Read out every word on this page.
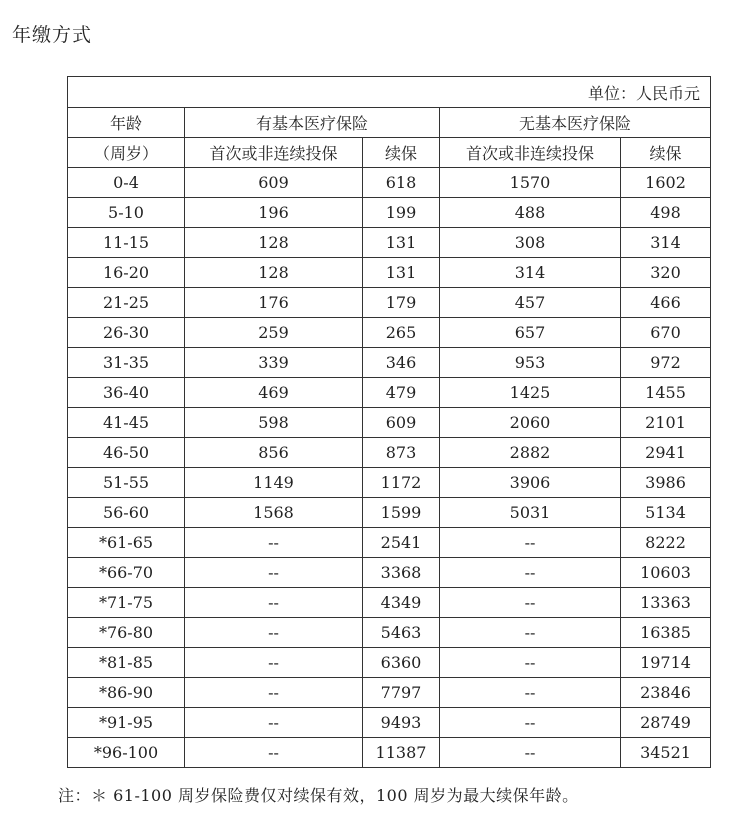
年缴方式
单位：人民币元				
年龄	有基本医疗保险		无基本医疗保险	
（周岁）	首次或非连续投保	续保	首次或非连续投保	续保
0-4	609	618	1570	1602
5-10	196	199	488	498
11-15	128	131	308	314
16-20	128	131	314	320
21-25	176	179	457	466
26-30	259	265	657	670
31-35	339	346	953	972
36-40	469	479	1425	1455
41-45	598	609	2060	2101
46-50	856	873	2882	2941
51-55	1149	1172	3906	3986
56-60	1568	1599	5031	5134
*61-65	--	2541	--	8222
*66-70	--	3368	--	10603
*71-75	--	4349	--	13363
*76-80	--	5463	--	16385
*81-85	--	6360	--	19714
*86-90	--	7797	--	23846
*91-95	--	9493	--	28749
*96-100	--	11387	--	34521
注：＊ 61-100 周岁保险费仅对续保有效，100 周岁为最大续保年龄。
